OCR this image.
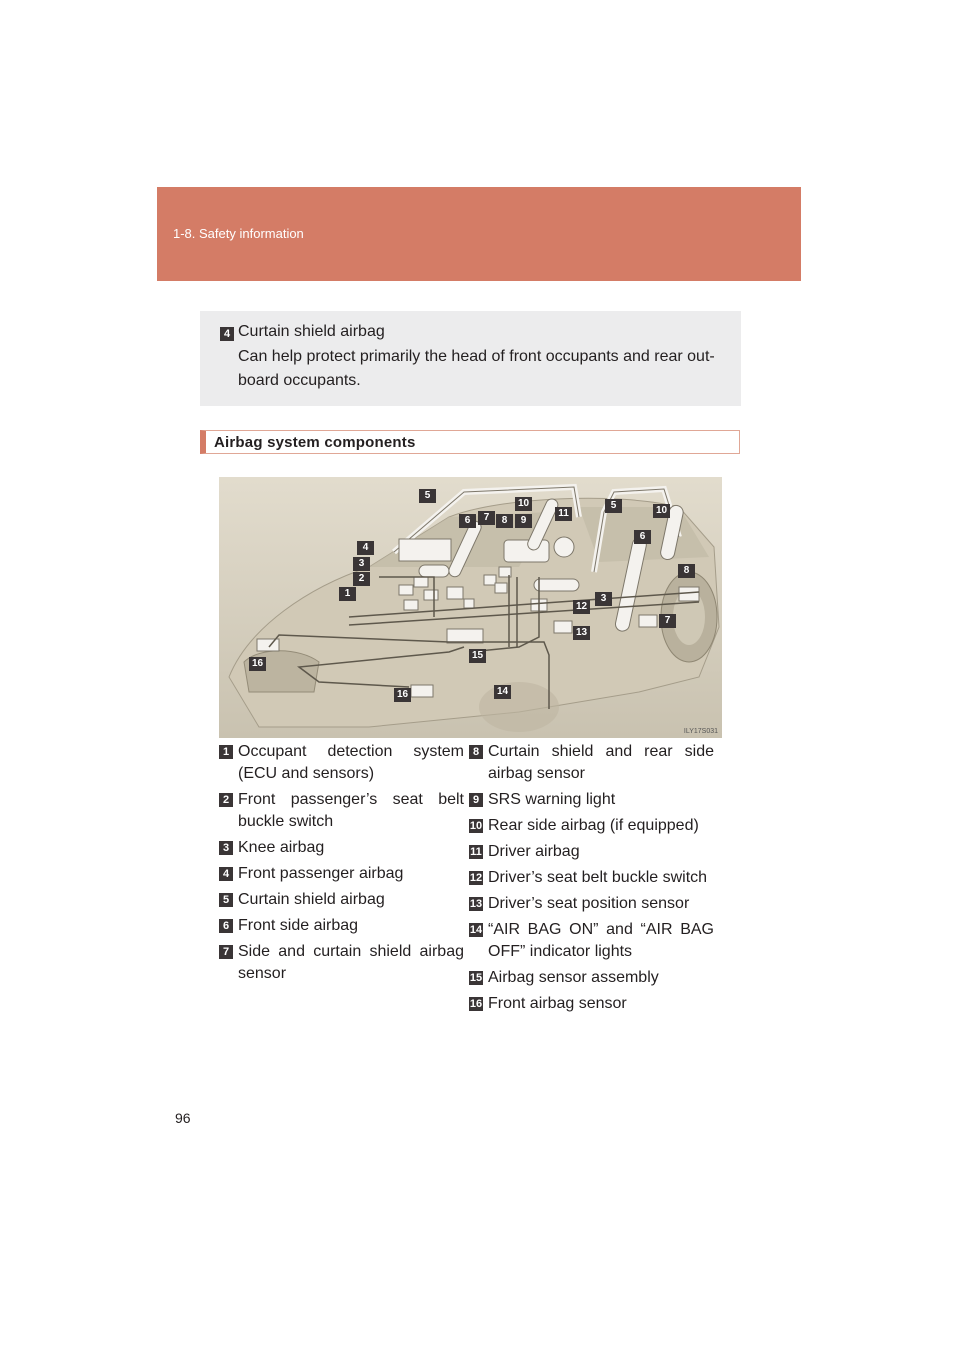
1-8. Safety information
4 Curtain shield airbag
Can help protect primarily the head of front occupants and rear out-board occupants.
Airbag system components
5
10
9
8
7
6
11
5	10
4
3
2
1
6
8
3
12
7
13
15
16
14
16
ILY17S031
1 Occupant detection system (ECU and sensors)
2 Front passenger’s seat belt buckle switch
3 Knee airbag
4 Front passenger airbag
5 Curtain shield airbag
6 Front side airbag
7 Side and curtain shield airbag sensor
8 Curtain shield and rear side airbag sensor
9 SRS warning light
10 Rear side airbag (if equipped)
11 Driver airbag
12 Driver’s seat belt buckle switch
13 Driver’s seat position sensor
14 “AIR BAG ON” and “AIR BAG OFF” indicator lights
15 Airbag sensor assembly
16 Front airbag sensor
96
